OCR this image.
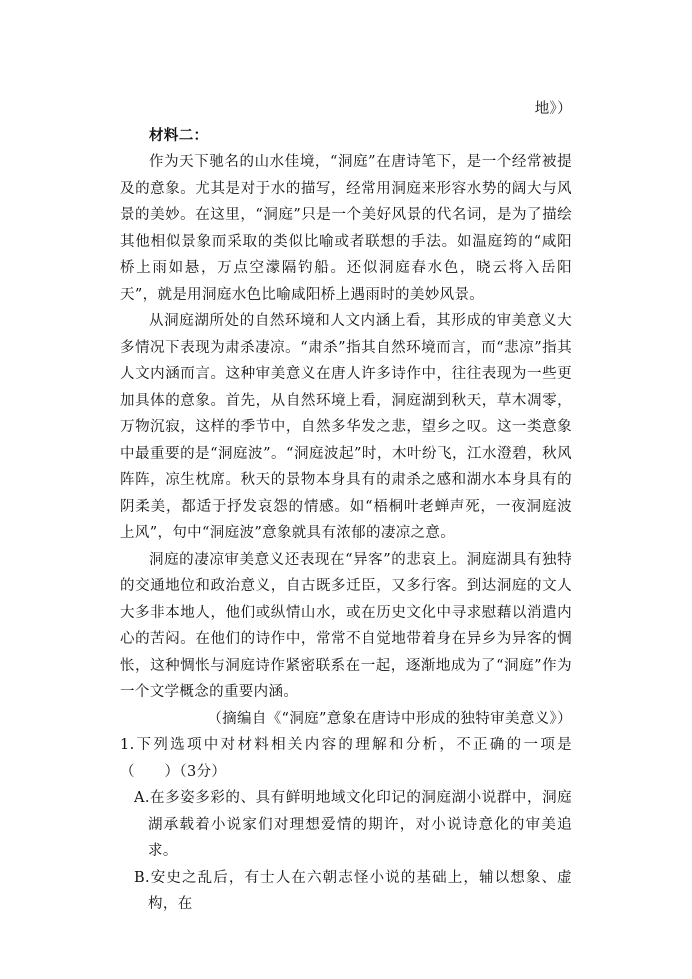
地》）

材料二：

作为天下驰名的山水佳境，“洞庭”在唐诗笔下，是一个经常被提及的意象。尤其是对于水的描写，经常用洞庭来形容水势的阔大与风景的美妙。在这里，“洞庭”只是一个美好风景的代名词，是为了描绘其他相似景象而采取的类似比喻或者联想的手法。如温庭筠的“咸阳桥上雨如悬，万点空濛隔钓船。还似洞庭春水色，晓云将入岳阳天”，就是用洞庭水色比喻咸阳桥上遇雨时的美妙风景。

从洞庭湖所处的自然环境和人文内涵上看，其形成的审美意义大多情况下表现为肃杀凄凉。“肃杀”指其自然环境而言，而“悲凉”指其人文内涵而言。这种审美意义在唐人许多诗作中，往往表现为一些更加具体的意象。首先，从自然环境上看，洞庭湖到秋天，草木凋零，万物沉寂，这样的季节中，自然多华发之悲，望乡之叹。这一类意象中最重要的是“洞庭波”。“洞庭波起”时，木叶纷飞，江水澄碧，秋风阵阵，凉生枕席。秋天的景物本身具有的肃杀之感和湖水本身具有的阴柔美，都适于抒发哀怨的情感。如“梧桐叶老蝉声死，一夜洞庭波上风”，句中“洞庭波”意象就具有浓郁的凄凉之意。

洞庭的凄凉审美意义还表现在“异客”的悲哀上。洞庭湖具有独特的交通地位和政治意义，自古既多迁臣，又多行客。到达洞庭的文人大多非本地人，他们或纵情山水，或在历史文化中寻求慰藉以消遣内心的苦闷。在他们的诗作中，常常不自觉地带着身在异乡为异客的惆怅，这种惆怅与洞庭诗作紧密联系在一起，逐渐地成为了“洞庭”作为一个文学概念的重要内涵。

（摘编自《“洞庭”意象在唐诗中形成的独特审美意义》）

1.下列选项中对材料相关内容的理解和分析，不正确的一项是（　　）（3分）

A.在多姿多彩的、具有鲜明地域文化印记的洞庭湖小说群中，洞庭湖承载着小说家们对理想爱情的期许，对小说诗意化的审美追求。

B.安史之乱后，有士人在六朝志怪小说的基础上，辅以想象、虚构，在
